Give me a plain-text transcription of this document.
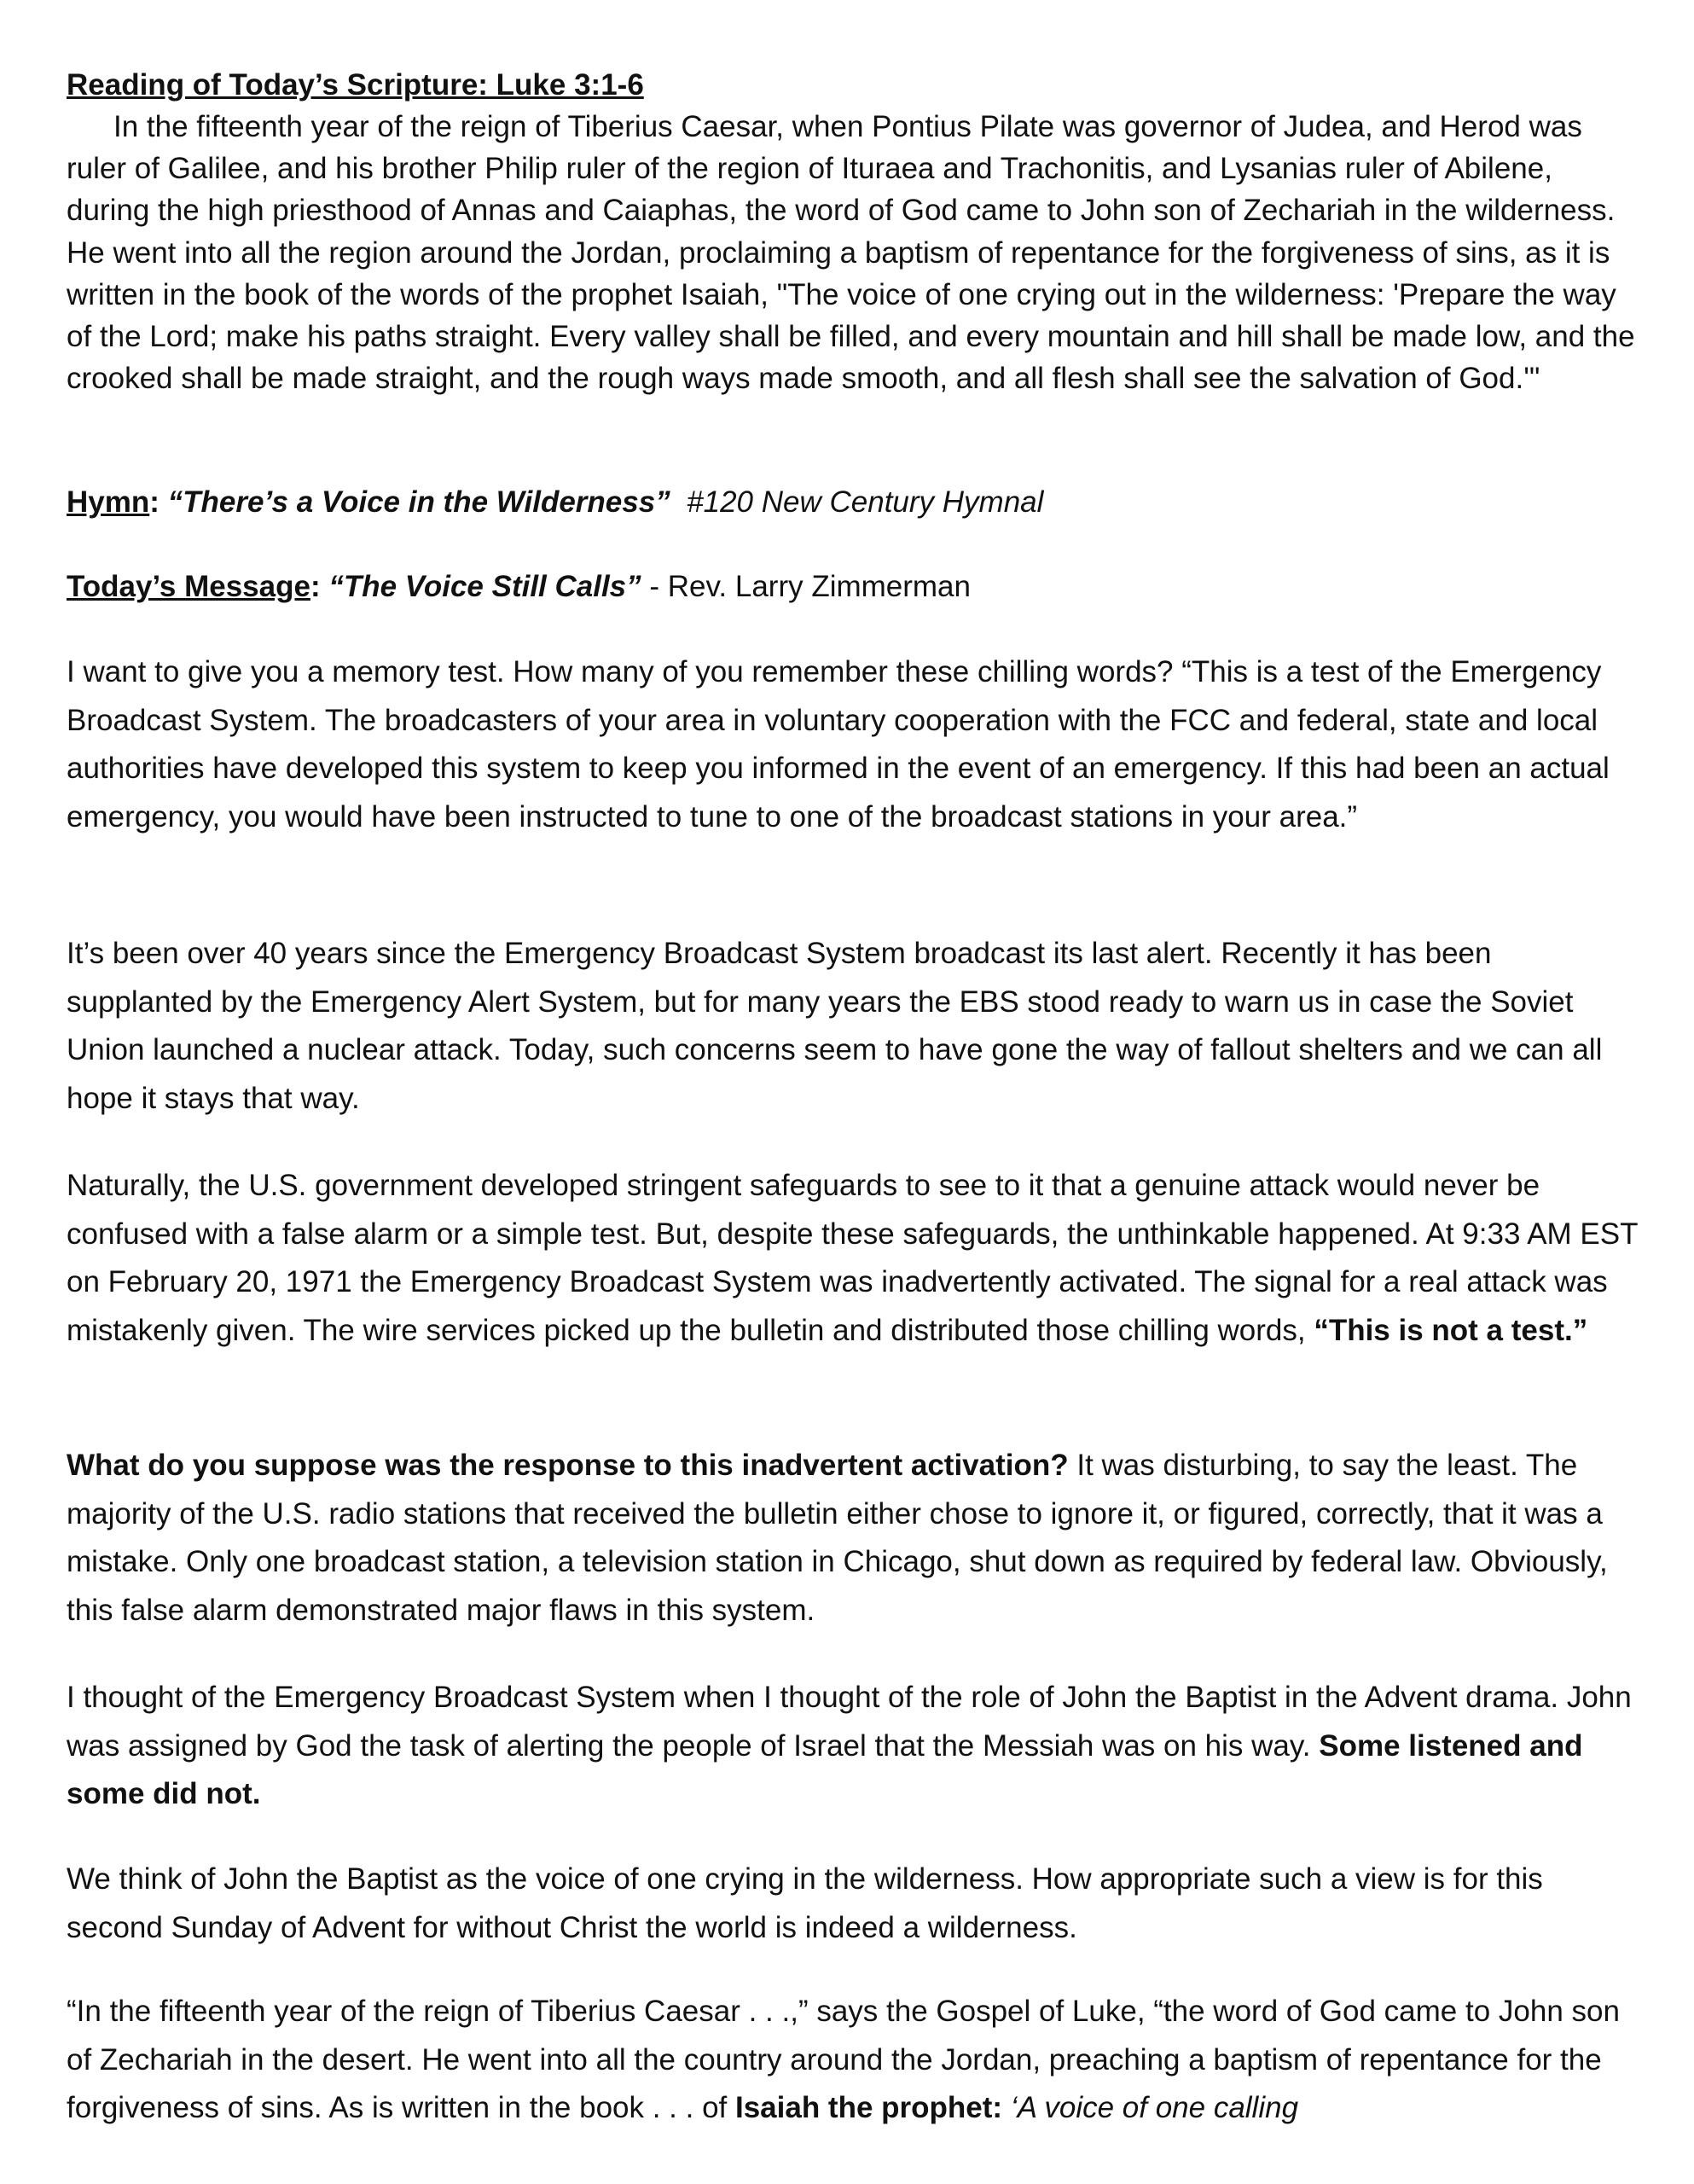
Reading of Today’s Scripture: Luke 3:1-6
In the fifteenth year of the reign of Tiberius Caesar, when Pontius Pilate was governor of Judea, and Herod was ruler of Galilee, and his brother Philip ruler of the region of Ituraea and Trachonitis, and Lysanias ruler of Abilene, during the high priesthood of Annas and Caiaphas, the word of God came to John son of Zechariah in the wilderness. He went into all the region around the Jordan, proclaiming a baptism of repentance for the forgiveness of sins, as it is written in the book of the words of the prophet Isaiah, "The voice of one crying out in the wilderness: 'Prepare the way of the Lord; make his paths straight. Every valley shall be filled, and every mountain and hill shall be made low, and the crooked shall be made straight, and the rough ways made smooth, and all flesh shall see the salvation of God.'"
Hymn: “There’s a Voice in the Wilderness” #120 New Century Hymnal
Today’s Message: “The Voice Still Calls” - Rev. Larry Zimmerman

I want to give you a memory test. How many of you remember these chilling words? “This is a test of the Emergency Broadcast System. The broadcasters of your area in voluntary cooperation with the FCC and federal, state and local authorities have developed this system to keep you informed in the event of an emergency. If this had been an actual emergency, you would have been instructed to tune to one of the broadcast stations in your area.”

It’s been over 40 years since the Emergency Broadcast System broadcast its last alert. Recently it has been supplanted by the Emergency Alert System, but for many years the EBS stood ready to warn us in case the Soviet Union launched a nuclear attack. Today, such concerns seem to have gone the way of fallout shelters and we can all hope it stays that way.

Naturally, the U.S. government developed stringent safeguards to see to it that a genuine attack would never be confused with a false alarm or a simple test. But, despite these safeguards, the unthinkable happened. At 9:33 AM EST on February 20, 1971 the Emergency Broadcast System was inadvertently activated. The signal for a real attack was mistakenly given. The wire services picked up the bulletin and distributed those chilling words, “This is not a test.”

What do you suppose was the response to this inadvertent activation? It was disturbing, to say the least. The majority of the U.S. radio stations that received the bulletin either chose to ignore it, or figured, correctly, that it was a mistake. Only one broadcast station, a television station in Chicago, shut down as required by federal law. Obviously, this false alarm demonstrated major flaws in this system.

I thought of the Emergency Broadcast System when I thought of the role of John the Baptist in the Advent drama. John was assigned by God the task of alerting the people of Israel that the Messiah was on his way. Some listened and some did not.

We think of John the Baptist as the voice of one crying in the wilderness. How appropriate such a view is for this second Sunday of Advent for without Christ the world is indeed a wilderness.

“In the fifteenth year of the reign of Tiberius Caesar . . .,” says the Gospel of Luke, “the word of God came to John son of Zechariah in the desert. He went into all the country around the Jordan, preaching a baptism of repentance for the forgiveness of sins. As is written in the book . . . of Isaiah the prophet: ‘A voice of one calling
